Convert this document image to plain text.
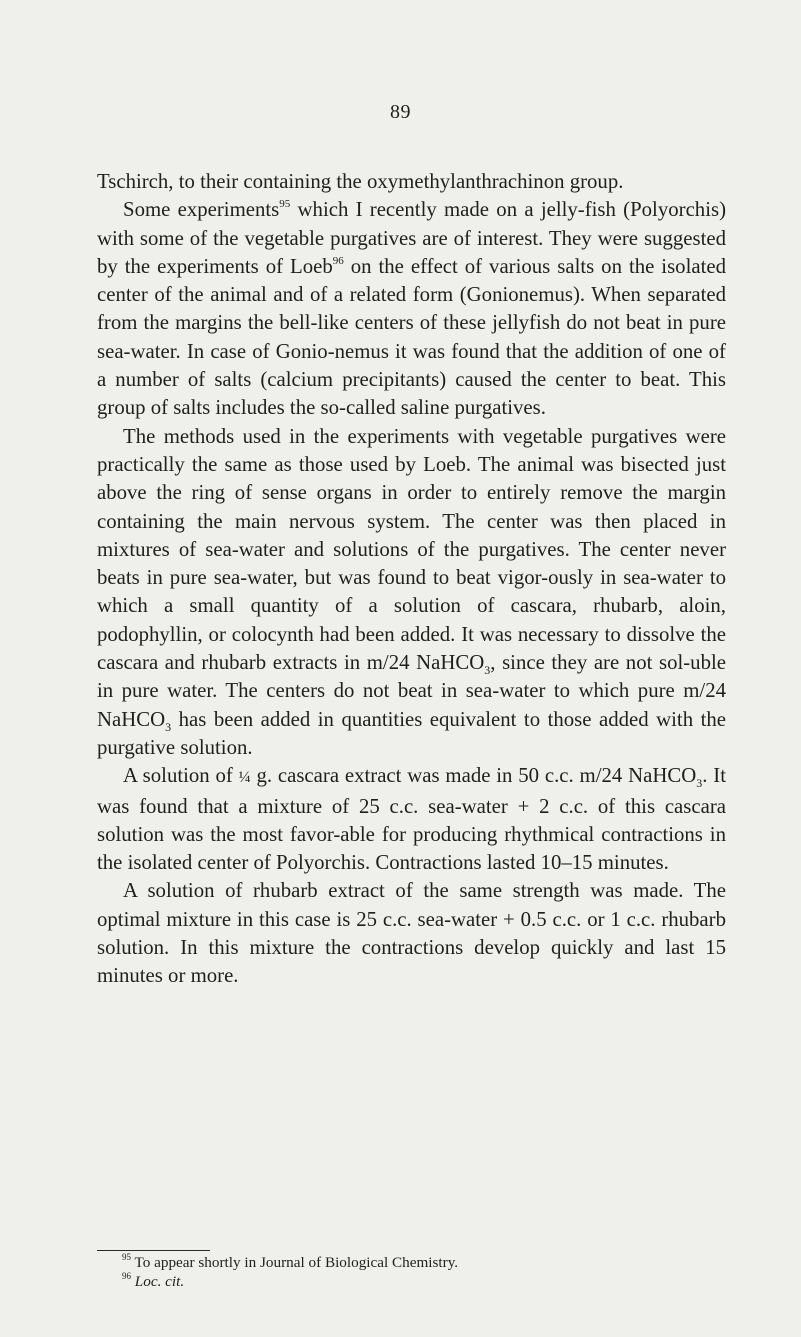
89

Tschirch, to their containing the oxymethylanthrachinon group.

Some experiments$^{95}$ which I recently made on a jelly-fish (Polyorchis) with some of the vegetable purgatives are of interest. They were suggested by the experiments of Loeb$^{96}$ on the effect of various salts on the isolated center of the animal and of a related form (Gonionemus). When separated from the margins the bell-like centers of these jellyfish do not beat in pure sea-water. In case of Gonio-nemus it was found that the addition of one of a number of salts (calcium precipitants) caused the center to beat. This group of salts includes the so-called saline purgatives.

The methods used in the experiments with vegetable purgatives were practically the same as those used by Loeb. The animal was bisected just above the ring of sense organs in order to entirely remove the margin containing the main nervous system. The center was then placed in mixtures of sea-water and solutions of the purgatives. The center never beats in pure sea-water, but was found to beat vigor-ously in sea-water to which a small quantity of a solution of cascara, rhubarb, aloin, podophyllin, or colocynth had been added. It was necessary to dissolve the cascara and rhubarb extracts in m/24 NaHCO$_3$, since they are not sol-uble in pure water. The centers do not beat in sea-water to which pure m/24 NaHCO$_3$ has been added in quantities equivalent to those added with the purgative solution.

A solution of ¼ g. cascara extract was made in 50 c.c. m/24 NaHCO$_3$. It was found that a mixture of 25 c.c. sea-water + 2 c.c. of this cascara solution was the most favor-able for producing rhythmical contractions in the isolated center of Polyorchis. Contractions lasted 10–15 minutes.

A solution of rhubarb extract of the same strength was made. The optimal mixture in this case is 25 c.c. sea-water + 0.5 c.c. or 1 c.c. rhubarb solution. In this mixture the contractions develop quickly and last 15 minutes or more.

$^{95}$ To appear shortly in Journal of Biological Chemistry.

$^{96}$ Loc. cit.
